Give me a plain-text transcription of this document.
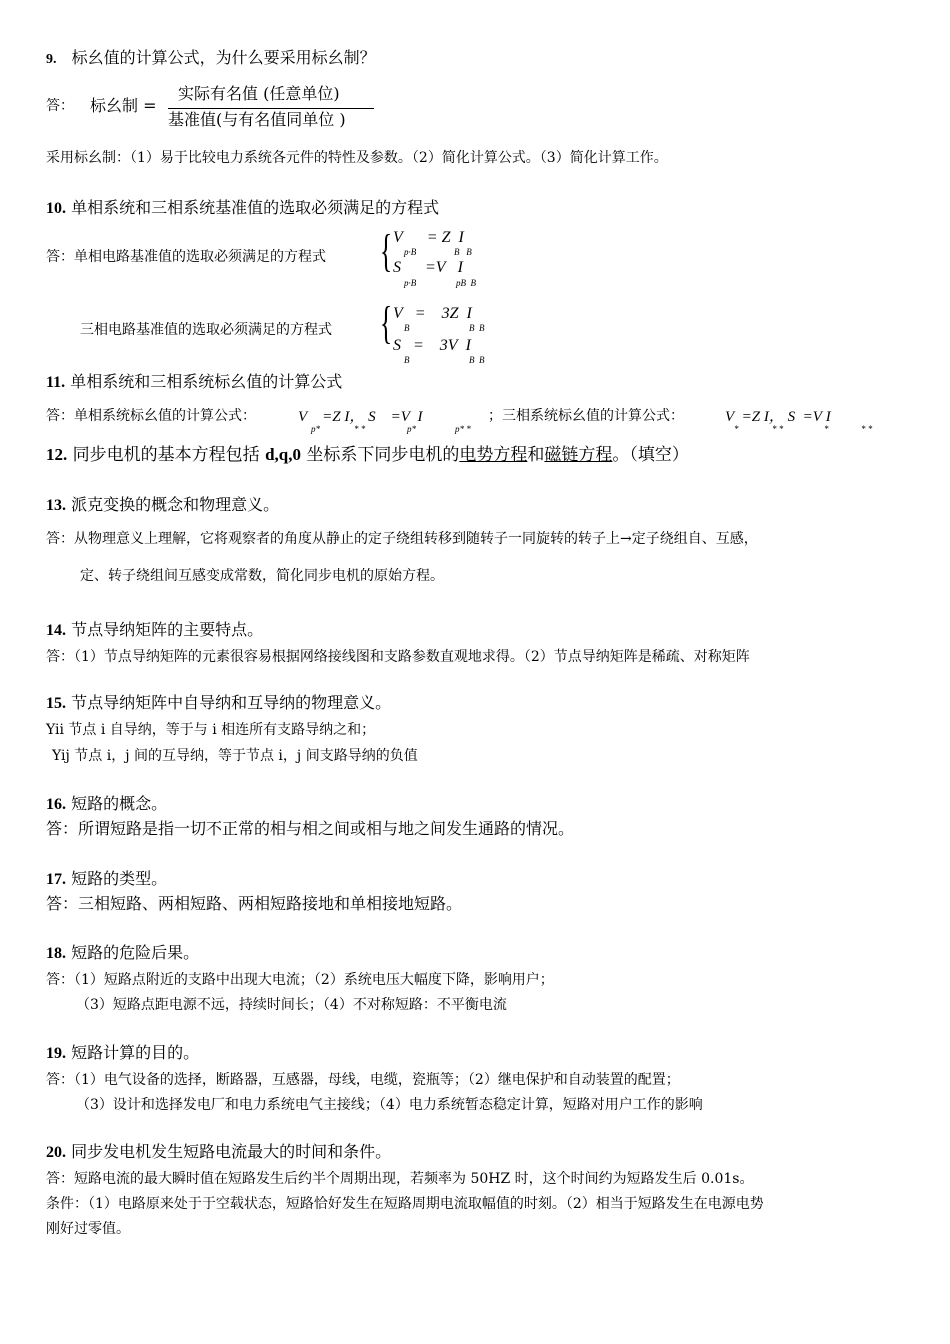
9. 标幺值的计算公式，为什么要采用标幺制？
答： 标幺制 =
实际有名值 (任意单位)
基准值(与有名值同单位 )
采用标幺制：（1）易于比较电力系统各元件的特性及参数。（2）简化计算公式。（3）简化计算工作。
10. 单相系统和三相系统基准值的选取必须满足的方程式
答：单相电路基准值的选取必须满足的方程式 { V      = Z  I
p·B	B   B
S      =V   I
p·B	pB  B
三相电路基准值的选取必须满足的方程式 { V   = 3Z  I
B	B  B
S   = 3V  I
B	B  B
11. 单相系统和三相系统标幺值的计算公式
答：单相系统标幺值的计算公式：	V    =Z I， S    =V  I
p*	* *	p*	p* *
；三相系统标幺值的计算公式：	V  =Z I， S  =V I
*	* *	*	* *
12. 同步电机的基本方程包括 d,q,0 坐标系下同步电机的电势方程和磁链方程。（填空）
13. 派克变换的概念和物理意义。
答：从物理意义上理解，它将观察者的角度从静止的定子绕组转移到随转子一同旋转的转子上→定子绕组自、互感，
定、转子绕组间互感变成常数，简化同步电机的原始方程。
14. 节点导纳矩阵的主要特点。
答：（1）节点导纳矩阵的元素很容易根据网络接线图和支路参数直观地求得。（2）节点导纳矩阵是稀疏、对称矩阵
15. 节点导纳矩阵中自导纳和互导纳的物理意义。
Yii 节点 i 自导纳，等于与 i 相连所有支路导纳之和；
Yij 节点 i，j 间的互导纳，等于节点 i，j 间支路导纳的负值
16. 短路的概念。
答：所谓短路是指一切不正常的相与相之间或相与地之间发生通路的情况。
17. 短路的类型。
答：三相短路、两相短路、两相短路接地和单相接地短路。
18. 短路的危险后果。
答：（1）短路点附近的支路中出现大电流；（2）系统电压大幅度下降，影响用户；
（3）短路点距电源不远，持续时间长；（4）不对称短路：不平衡电流
19. 短路计算的目的。
答：（1）电气设备的选择，断路器，互感器，母线，电缆，瓷瓶等；（2）继电保护和自动装置的配置；
（3）设计和选择发电厂和电力系统电气主接线；（4）电力系统暂态稳定计算，短路对用户工作的影响
20. 同步发电机发生短路电流最大的时间和条件。
答：短路电流的最大瞬时值在短路发生后约半个周期出现，若频率为 50HZ 时，这个时间约为短路发生后 0.01s。
条件：（1）电路原来处于于空载状态，短路恰好发生在短路周期电流取幅值的时刻。（2）相当于短路发生在电源电势
刚好过零值。
